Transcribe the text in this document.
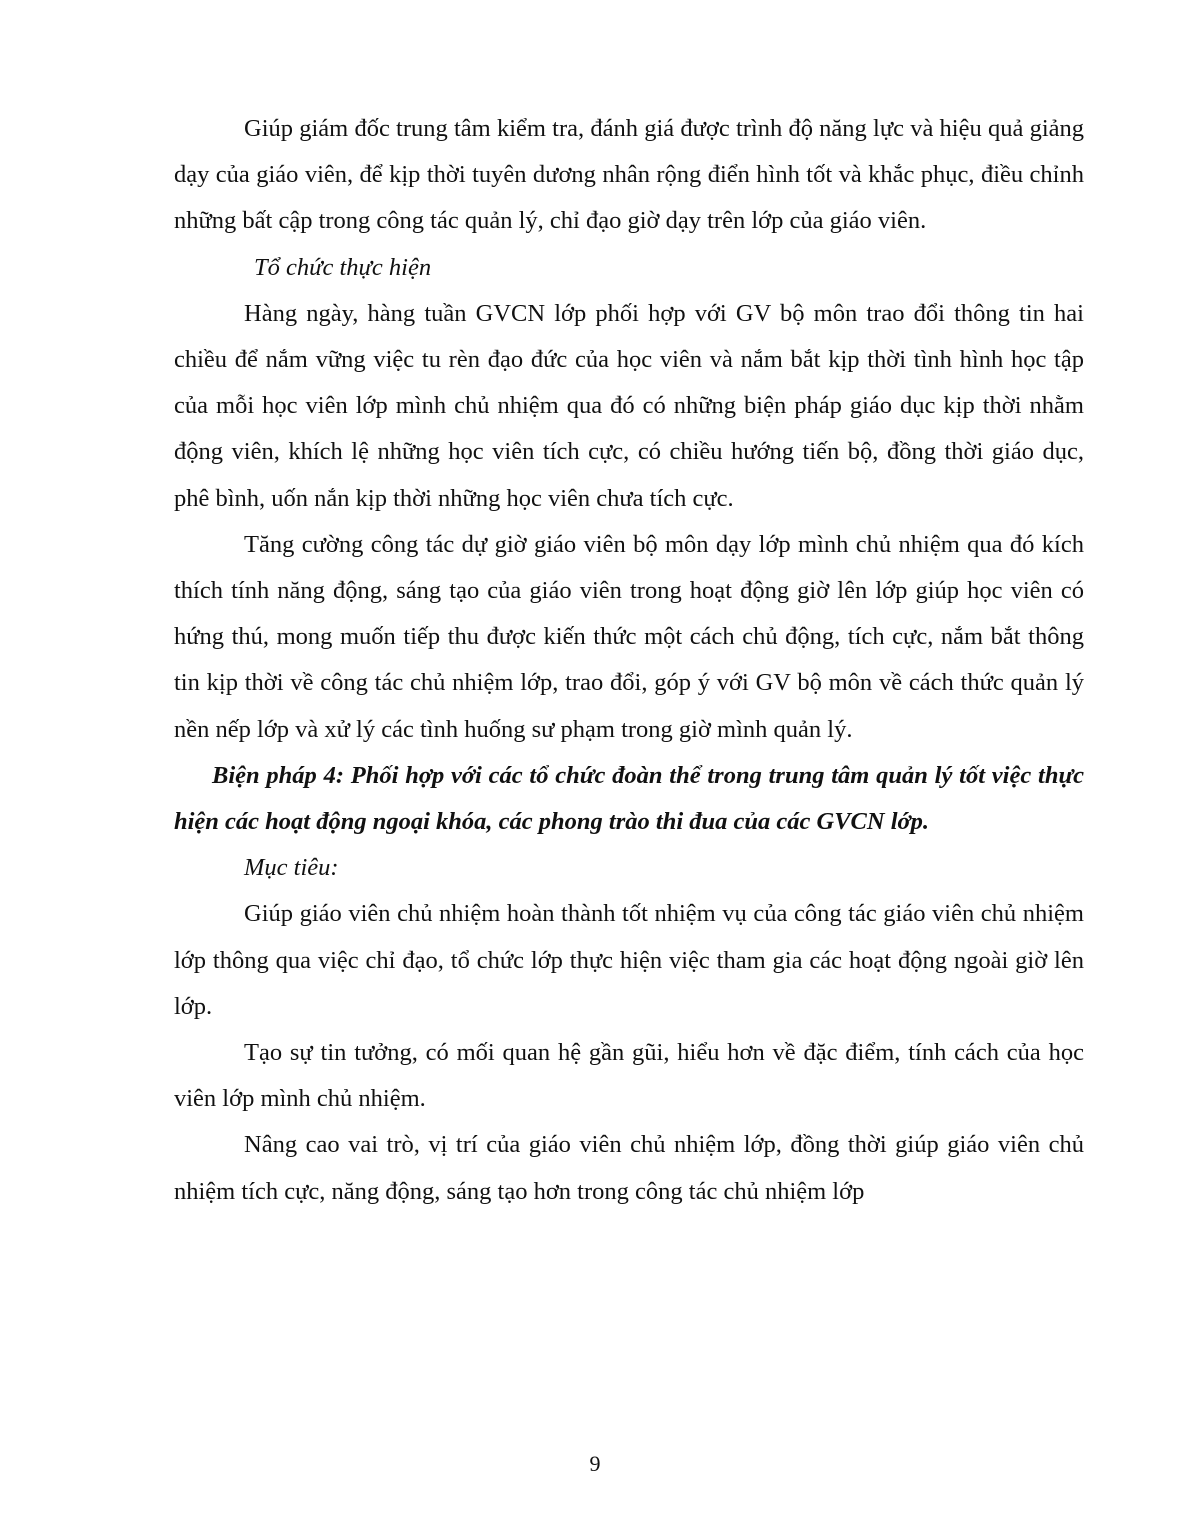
Giúp giám đốc trung tâm kiểm tra, đánh giá được trình độ năng lực và hiệu quả giảng dạy của giáo viên, để kịp thời tuyên dương nhân rộng điển hình tốt và khắc phục, điều chỉnh những bất cập trong công tác quản lý, chỉ đạo giờ dạy trên lớp của giáo viên.

Tổ chức thực hiện

Hàng ngày, hàng tuần GVCN lớp phối hợp với GV bộ môn trao đổi thông tin hai chiều để nắm vững việc tu rèn đạo đức của học viên và nắm bắt kịp thời tình hình học tập của mỗi học viên lớp mình chủ nhiệm qua đó có những biện pháp giáo dục kịp thời nhằm động viên, khích lệ những học viên tích cực, có chiều hướng tiến bộ, đồng thời giáo dục, phê bình, uốn nắn kịp thời những học viên chưa tích cực.

Tăng cường công tác dự giờ giáo viên bộ môn dạy lớp mình chủ nhiệm qua đó kích thích tính năng động, sáng tạo của giáo viên trong hoạt động giờ lên lớp giúp học viên có hứng thú, mong muốn tiếp thu được kiến thức một cách chủ động, tích cực, nắm bắt thông tin kịp thời về công tác chủ nhiệm lớp, trao đổi, góp ý với GV bộ môn về cách thức quản lý nền nếp lớp và xử lý các tình huống sư phạm trong giờ mình quản lý.

Biện pháp 4: Phối hợp với các tổ chức đoàn thể trong trung tâm quản lý tốt việc thực hiện các hoạt động ngoại khóa, các phong trào thi đua của các GVCN lớp.

Mục tiêu:

Giúp giáo viên chủ nhiệm hoàn thành tốt nhiệm vụ của công tác giáo viên chủ nhiệm lớp thông qua việc chỉ đạo, tổ chức lớp thực hiện việc tham gia các hoạt động ngoài giờ lên lớp.

Tạo sự tin tưởng, có mối quan hệ gần gũi, hiểu hơn về đặc điểm, tính cách của học viên lớp mình chủ nhiệm.

Nâng cao vai trò, vị trí của giáo viên chủ nhiệm lớp, đồng thời giúp giáo viên chủ nhiệm tích cực, năng động, sáng tạo hơn trong công tác chủ nhiệm lớp

9
